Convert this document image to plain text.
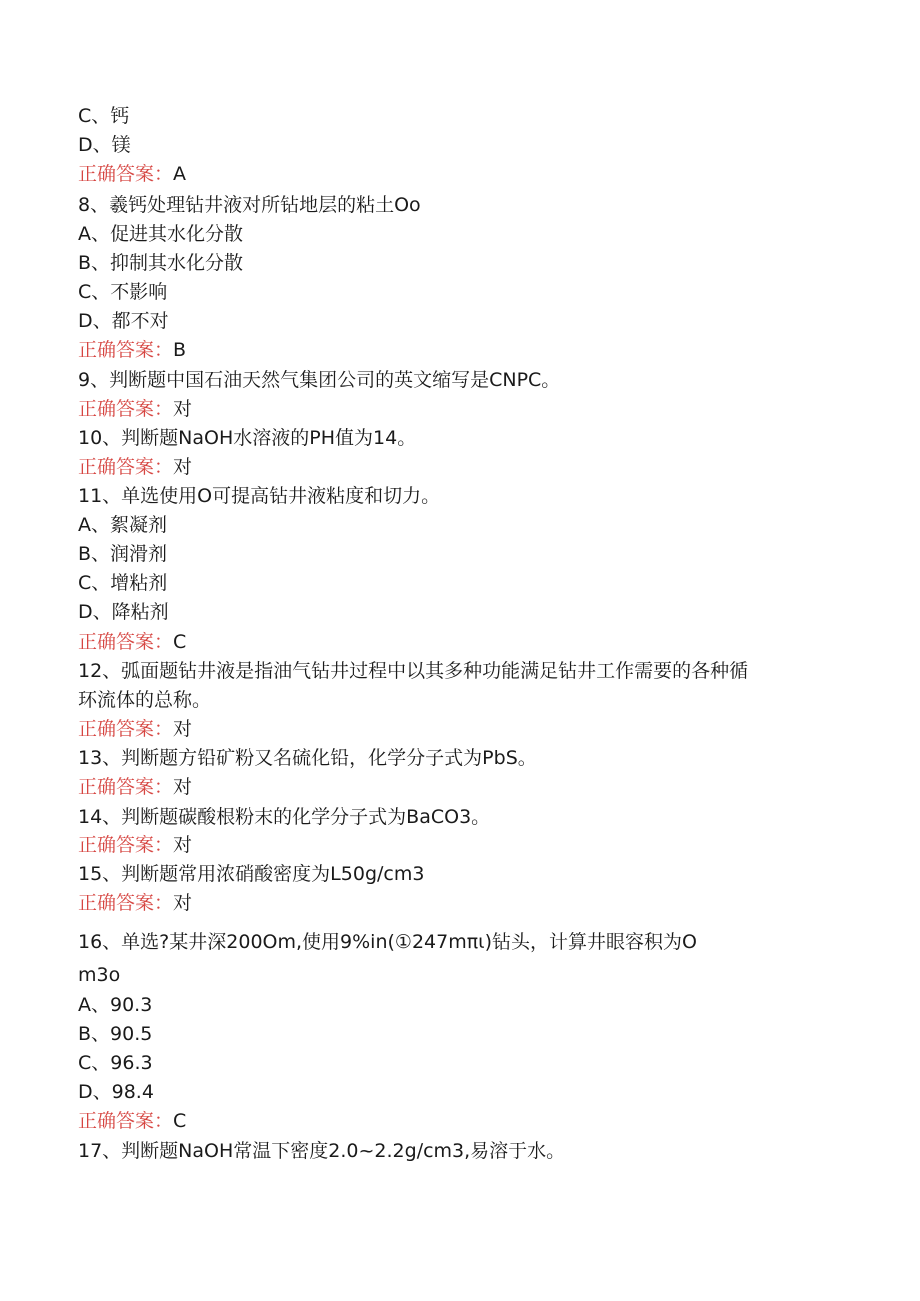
C、钙
D、镁
正确答案：A
8、羲钙处理钻井液对所钻地层的粘土Oo
A、促进其水化分散
B、抑制其水化分散
C、不影响
D、都不对
正确答案：B
9、判断题中国石油天然气集团公司的英文缩写是CNPC。
正确答案：对
10、判断题NaOH水溶液的PH值为14。
正确答案：对
11、单选使用O可提高钻井液粘度和切力。
A、絮凝剂
B、润滑剂
C、增粘剂
D、降粘剂
正确答案：C
12、弧面题钻井液是指油气钻井过程中以其多种功能满足钻井工作需要的各种循
环流体的总称。
正确答案：对
13、判断题方铅矿粉又名硫化铅，化学分子式为PbS。
正确答案：对
14、判断题碳酸根粉末的化学分子式为BaCO3。
正确答案：对
15、判断题常用浓硝酸密度为L50g∕cm3
正确答案：对
16、单选?某井深200Om,使用9%in(①247mπι)钻头，计算井眼容积为O
m3o
A、90.3
B、90.5
C、96.3
D、98.4
正确答案：C
17、判断题NaOH常温下密度2.0~2.2g∕cm3,易溶于水。
